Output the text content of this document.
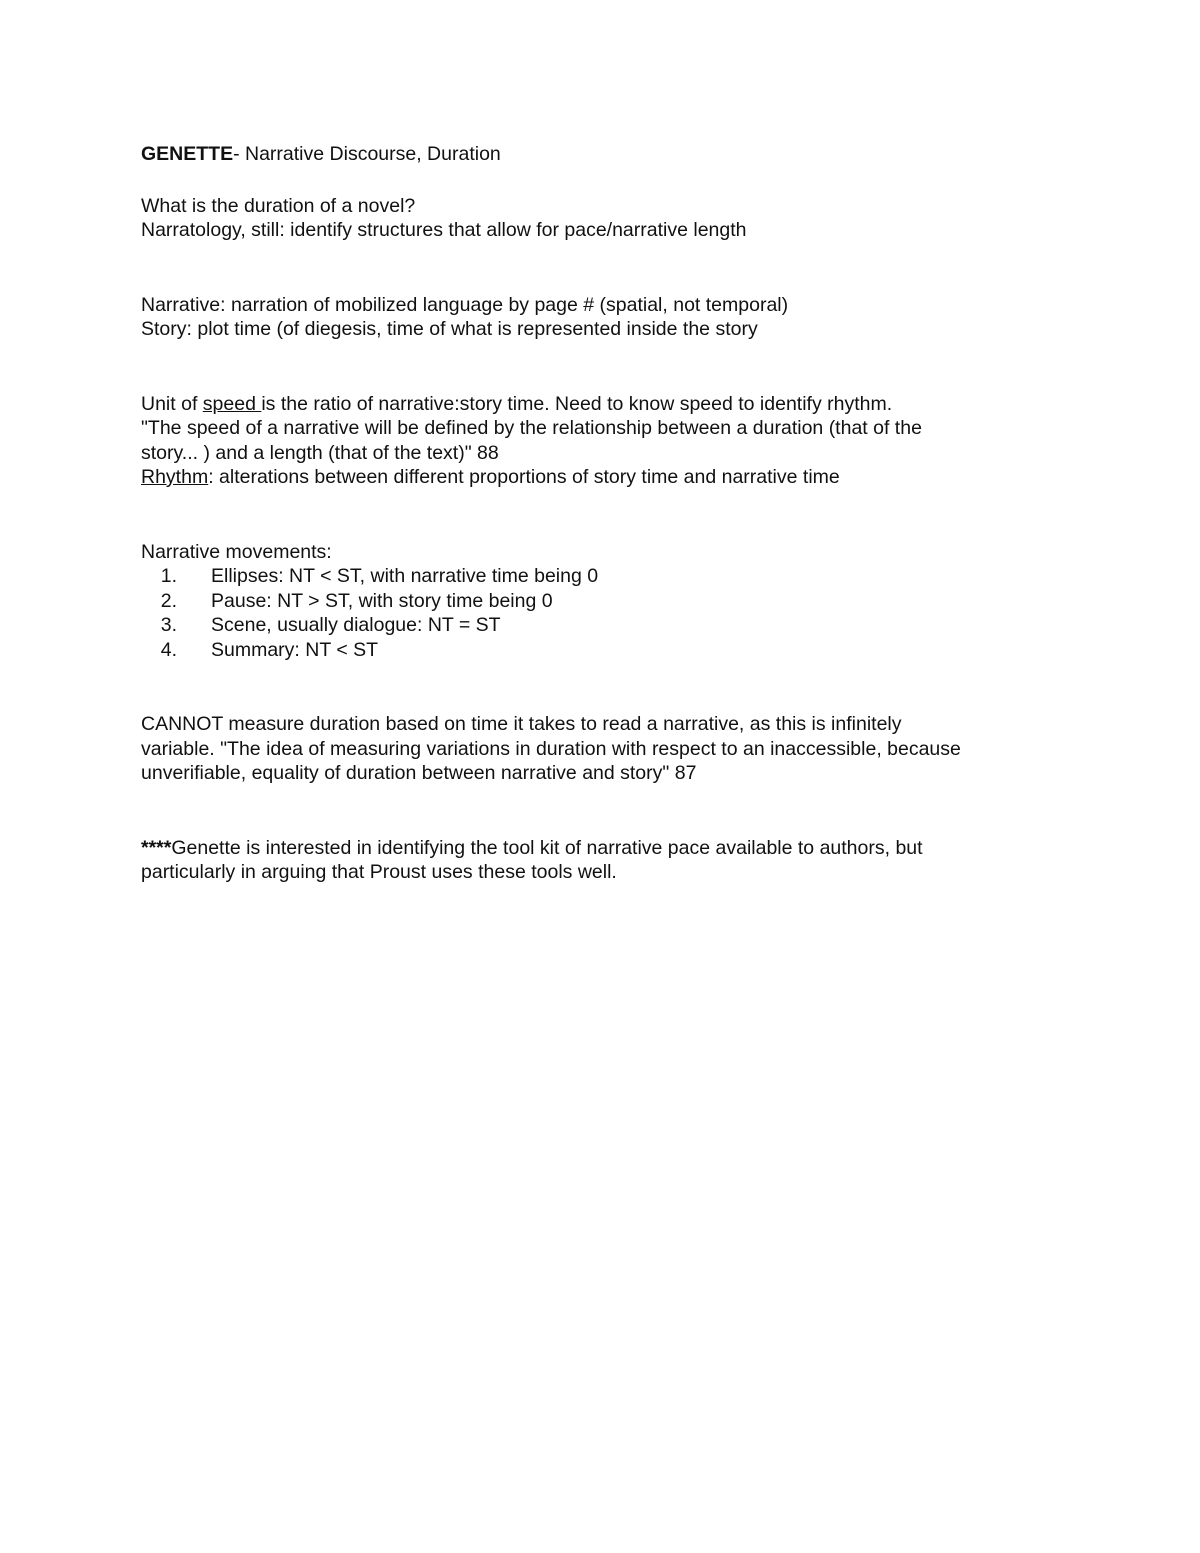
GENETTE- Narrative Discourse, Duration

What is the duration of a novel?

Narratology, still: identify structures that allow for pace/narrative length

Narrative: narration of mobilized language by page # (spatial, not temporal)

Story: plot time (of diegesis, time of what is represented inside the story

Unit of speed is the ratio of narrative:story time. Need to know speed to identify rhythm.

"The speed of a narrative will be defined by the relationship between a duration (that of the

story... ) and a length (that of the text)" 88

Rhythm: alterations between different proportions of story time and narrative time

Narrative movements:

1.	Ellipses: NT < ST, with narrative time being 0
2.	Pause: NT > ST, with story time being 0
3.	Scene, usually dialogue: NT = ST
4.	Summary: NT < ST

CANNOT measure duration based on time it takes to read a narrative, as this is infinitely

variable. "The idea of measuring variations in duration with respect to an inaccessible, because

unverifiable, equality of duration between narrative and story" 87

****Genette is interested in identifying the tool kit of narrative pace available to authors, but

particularly in arguing that Proust uses these tools well.
